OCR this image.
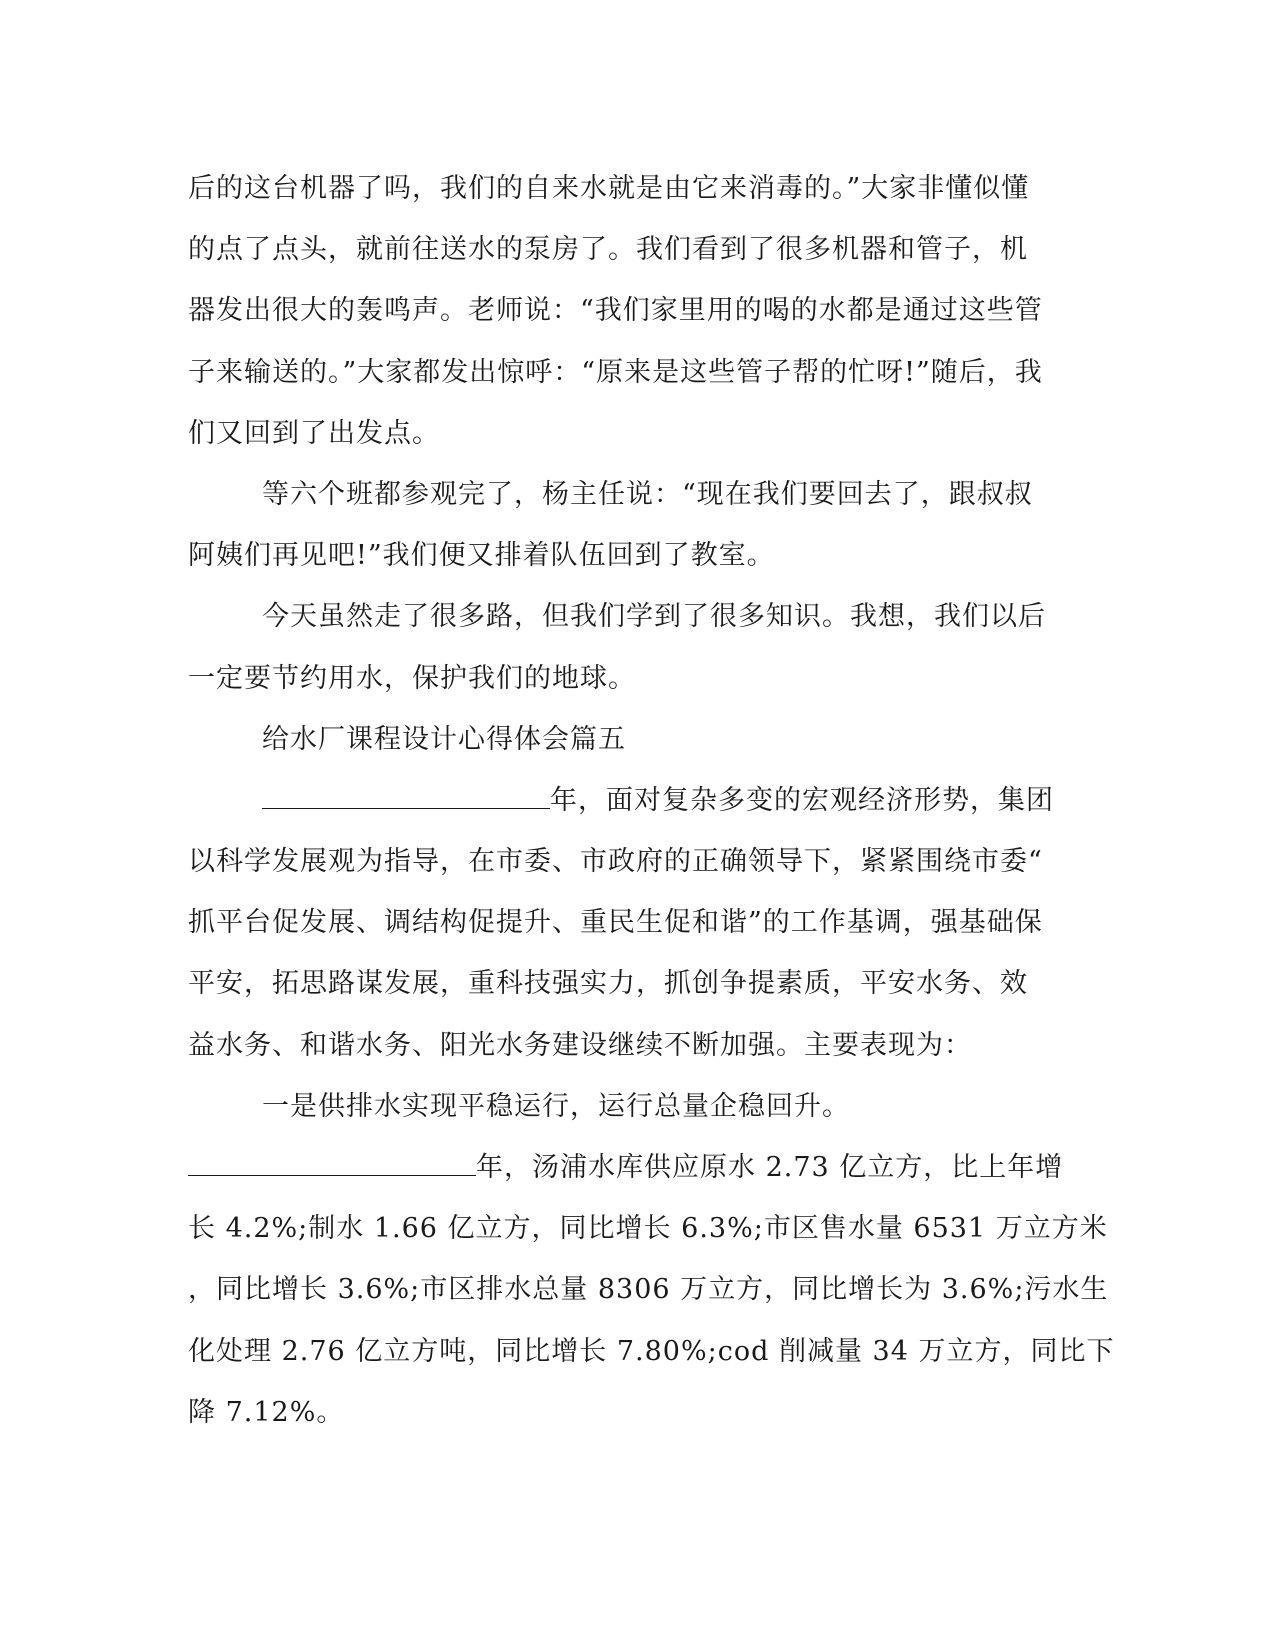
后的这台机器了吗，我们的自来水就是由它来消毒的。”大家非懂似懂
的点了点头，就前往送水的泵房了。我们看到了很多机器和管子，机
器发出很大的轰鸣声。老师说：“我们家里用的喝的水都是通过这些管
子来输送的。”大家都发出惊呼：“原来是这些管子帮的忙呀!”随后，我
们又回到了出发点。
等六个班都参观完了，杨主任说：“现在我们要回去了，跟叔叔
阿姨们再见吧!”我们便又排着队伍回到了教室。
今天虽然走了很多路，但我们学到了很多知识。我想，我们以后
一定要节约用水，保护我们的地球。
给水厂课程设计心得体会篇五
年，面对复杂多变的宏观经济形势，集团
以科学发展观为指导，在市委、市政府的正确领导下，紧紧围绕市委“
抓平台促发展、调结构促提升、重民生促和谐”的工作基调，强基础保
平安，拓思路谋发展，重科技强实力，抓创争提素质，平安水务、效
益水务、和谐水务、阳光水务建设继续不断加强。主要表现为：
一是供排水实现平稳运行，运行总量企稳回升。
年，汤浦水库供应原水 2.73 亿立方，比上年增
长 4.2%;制水 1.66 亿立方，同比增长 6.3%;市区售水量 6531 万立方米
，同比增长 3.6%;市区排水总量 8306 万立方，同比增长为 3.6%;污水生
化处理 2.76 亿立方吨，同比增长 7.80%;cod 削减量 34 万立方，同比下
降 7.12%。
